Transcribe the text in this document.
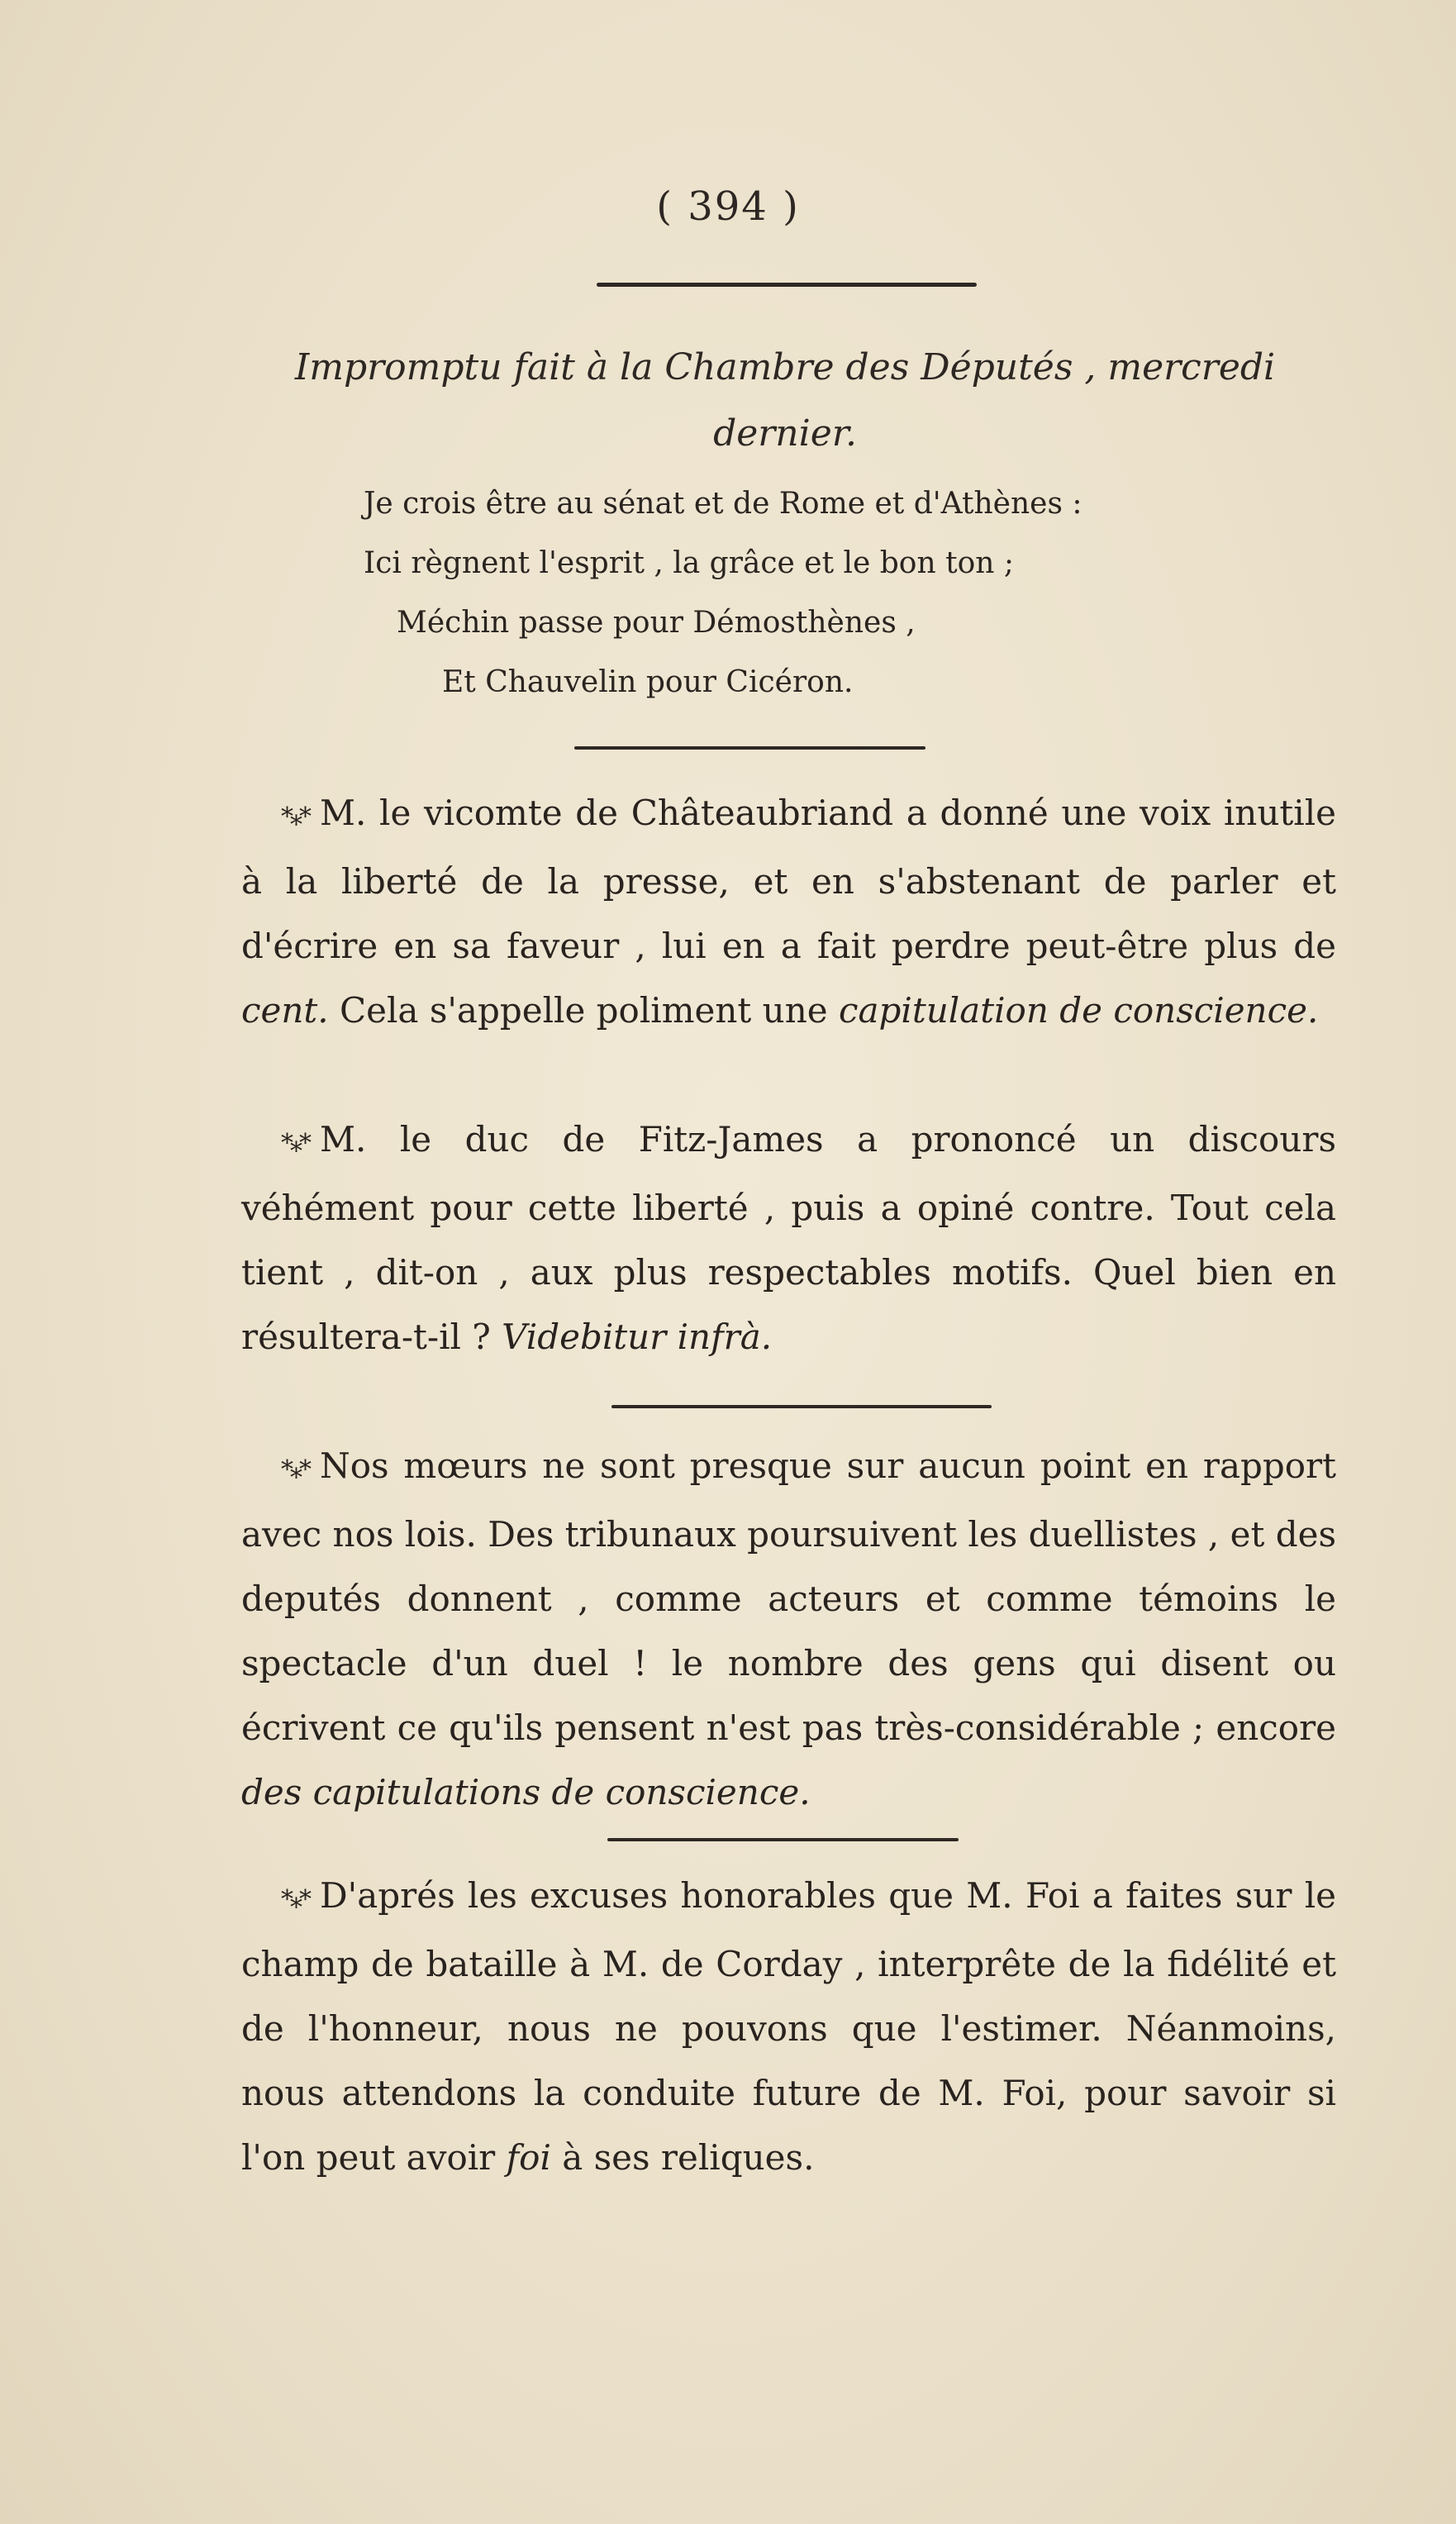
( 394 )
Impromptu fait à la Chambre des Députés , mercredi
dernier.
Je crois être au sénat et de Rome et d'Athènes :
Ici règnent l'esprit , la grâce et le bon ton ;
Méchin passe pour Démosthènes ,
Et Chauvelin pour Cicéron.
*⁎* M. le vicomte de Châteaubriand a donné une voix inutile à la liberté de la presse, et en s'abstenant de parler et d'écrire en sa faveur , lui en a fait perdre peut-être plus de cent. Cela s'appelle poliment une capitulation de conscience.
*⁎* M. le duc de Fitz-James a prononcé un discours véhément pour cette liberté , puis a opiné contre. Tout cela tient , dit-on , aux plus respectables motifs. Quel bien en résultera-t-il ? Videbitur infrà.
*⁎* Nos mœurs ne sont presque sur aucun point en rapport avec nos lois. Des tribunaux poursuivent les duellistes , et des deputés donnent , comme acteurs et comme témoins le spectacle d'un duel ! le nombre des gens qui disent ou écrivent ce qu'ils pensent n'est pas très-considérable ; encore des capitulations de conscience.
*⁎* D'aprés les excuses honorables que M. Foi a faites sur le champ de bataille à M. de Corday , interprête de la fidélité et de l'honneur, nous ne pouvons que l'estimer. Néanmoins, nous attendons la conduite future de M. Foi, pour savoir si l'on peut avoir foi à ses reliques.
